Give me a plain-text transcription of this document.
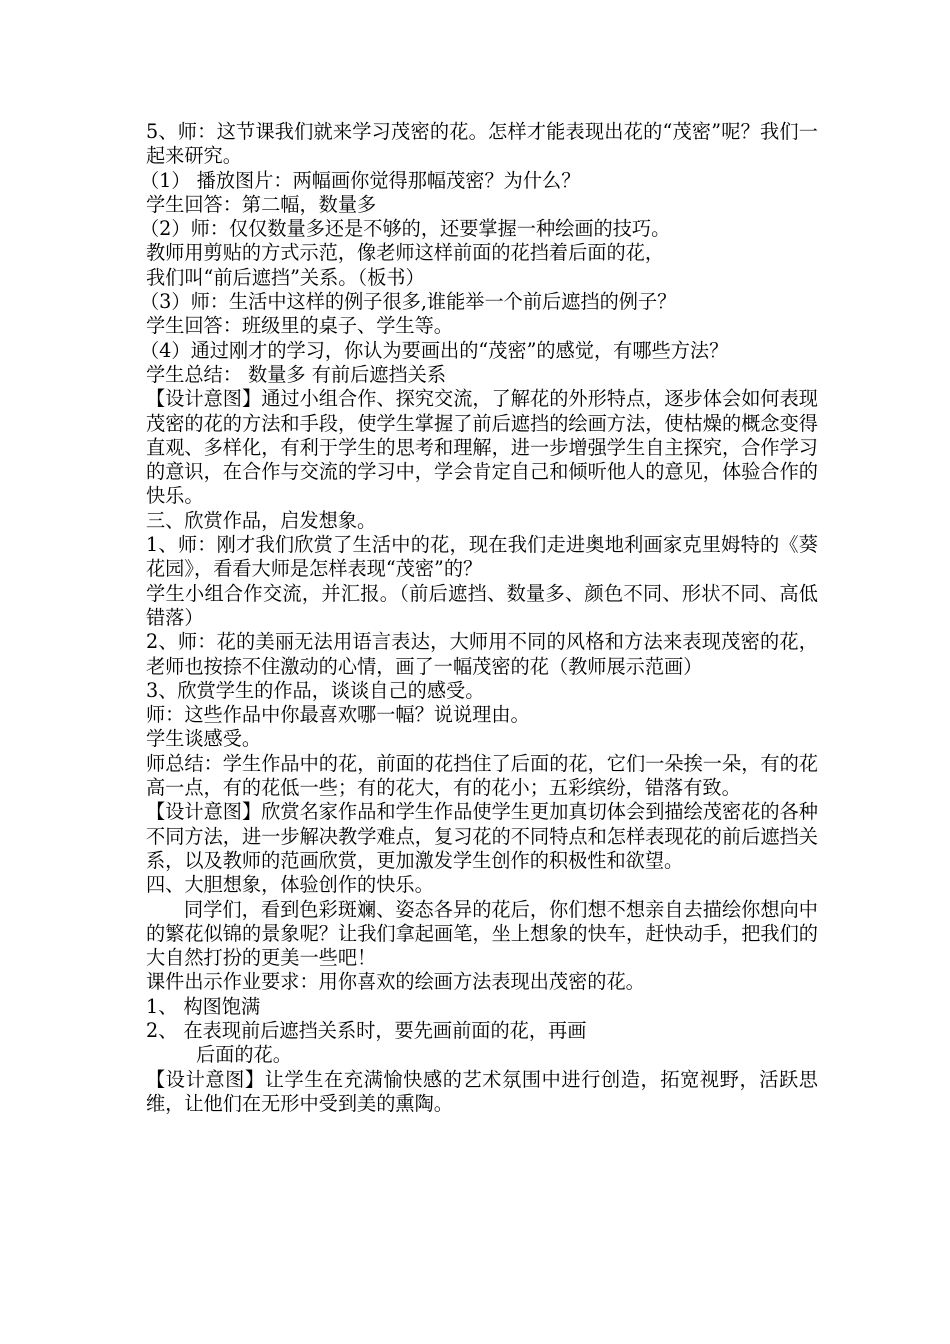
5、师：这节课我们就来学习茂密的花。怎样才能表现出花的“茂密”呢？我们一起来研究。

（1） 播放图片：两幅画你觉得那幅茂密？为什么？

学生回答：第二幅，数量多

（2）师：仅仅数量多还是不够的，还要掌握一种绘画的技巧。

教师用剪贴的方式示范，像老师这样前面的花挡着后面的花，

我们叫“前后遮挡”关系。（板书）

（3）师：生活中这样的例子很多,谁能举一个前后遮挡的例子？

学生回答：班级里的桌子、学生等。

（4）通过刚才的学习，你认为要画出的“茂密”的感觉，有哪些方法？

学生总结： 数量多 有前后遮挡关系

【设计意图】通过小组合作、探究交流，了解花的外形特点，逐步体会如何表现茂密的花的方法和手段，使学生掌握了前后遮挡的绘画方法，使枯燥的概念变得直观、多样化，有利于学生的思考和理解，进一步增强学生自主探究，合作学习的意识，在合作与交流的学习中，学会肯定自己和倾听他人的意见，体验合作的快乐。

三、欣赏作品，启发想象。

1、师：刚才我们欣赏了生活中的花，现在我们走进奥地利画家克里姆特的《葵花园》，看看大师是怎样表现“茂密”的？

学生小组合作交流，并汇报。（前后遮挡、数量多、颜色不同、形状不同、高低错落）

2、师：花的美丽无法用语言表达，大师用不同的风格和方法来表现茂密的花，老师也按捺不住激动的心情，画了一幅茂密的花（教师展示范画）

3、欣赏学生的作品，谈谈自己的感受。

师：这些作品中你最喜欢哪一幅？说说理由。

学生谈感受。

师总结：学生作品中的花，前面的花挡住了后面的花，它们一朵挨一朵，有的花高一点，有的花低一些；有的花大，有的花小；五彩缤纷，错落有致。

【设计意图】欣赏名家作品和学生作品使学生更加真切体会到描绘茂密花的各种不同方法，进一步解决教学难点，复习花的不同特点和怎样表现花的前后遮挡关系，以及教师的范画欣赏，更加激发学生创作的积极性和欲望。

四、大胆想象，体验创作的快乐。

同学们，看到色彩斑斓、姿态各异的花后，你们想不想亲自去描绘你想向中的繁花似锦的景象呢？让我们拿起画笔，坐上想象的快车，赶快动手，把我们的大自然打扮的更美一些吧！

课件出示作业要求：用你喜欢的绘画方法表现出茂密的花。

1、 构图饱满

2、 在表现前后遮挡关系时，要先画前面的花，再画
后面的花。

【设计意图】让学生在充满愉快感的艺术氛围中进行创造，拓宽视野，活跃思维，让他们在无形中受到美的熏陶。
